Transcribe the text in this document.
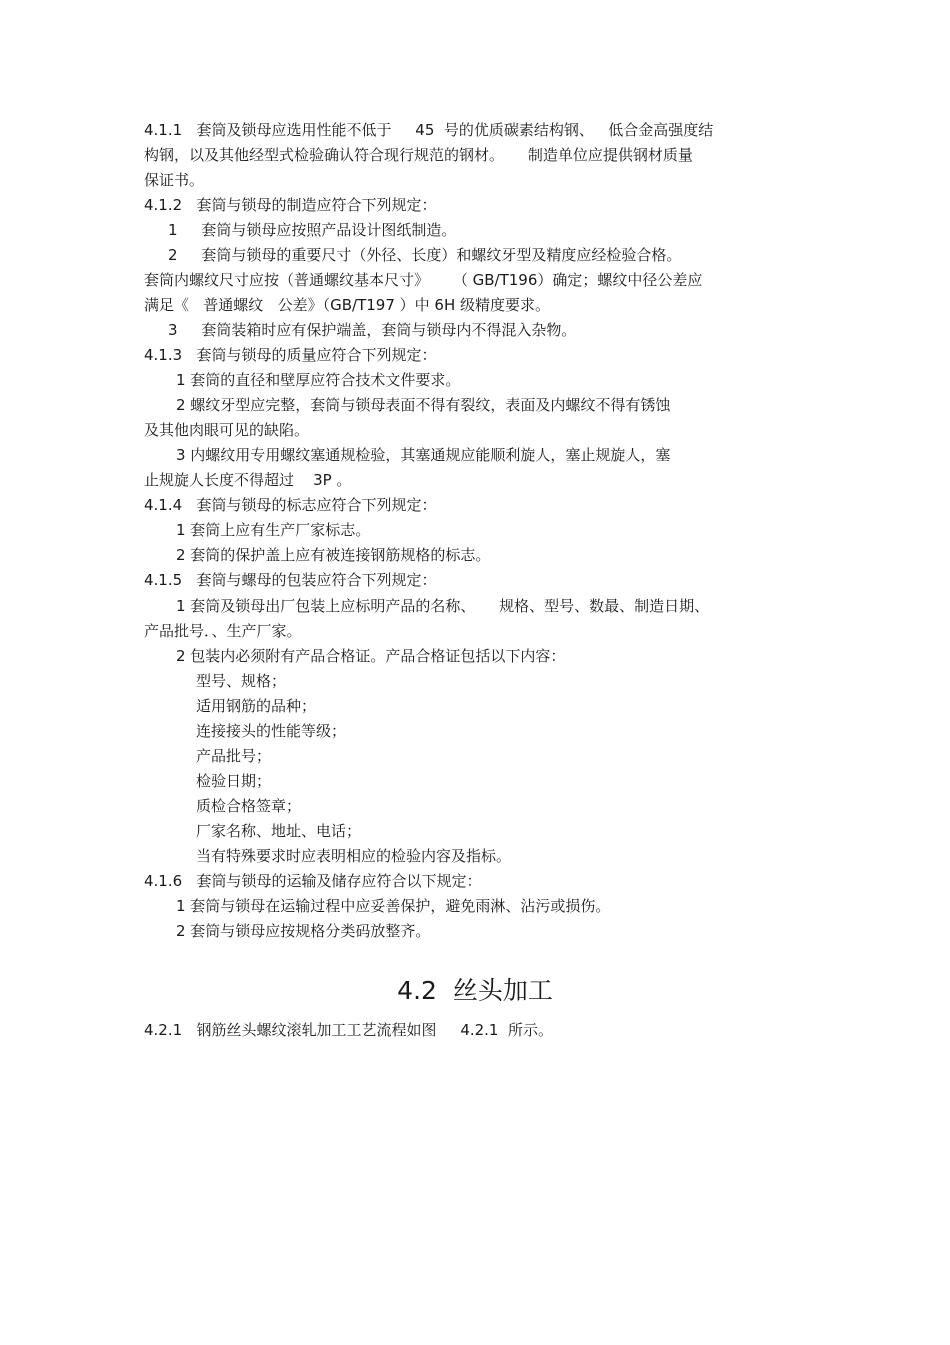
4.1.1   套筒及锁母应选用性能不低于     45  号的优质碳素结构钢、   低合金高强度结
构钢，以及其他经型式检验确认符合现行规范的钢材。     制造单位应提供钢材质量
保证书。
4.1.2   套筒与锁母的制造应符合下列规定：
1     套筒与锁母应按照产品设计图纸制造。
2     套筒与锁母的重要尺寸（外径、长度）和螺纹牙型及精度应经检验合格。
套筒内螺纹尺寸应按（普通螺纹基本尺寸》     （ GB/T196）确定；螺纹中径公差应
满足《   普通螺纹   公差》（GB/T197 ）中 6H 级精度要求。
3     套筒装箱时应有保护端盖，套筒与锁母内不得混入杂物。
4.1.3   套筒与锁母的质量应符合下列规定：
1 套筒的直径和壁厚应符合技术文件要求。
2 螺纹牙型应完整，套筒与锁母表面不得有裂纹，表面及内螺纹不得有锈蚀
及其他肉眼可见的缺陷。
3 内螺纹用专用螺纹塞通规检验，其塞通规应能顺利旋人，塞止规旋人，塞
止规旋人长度不得超过    3P 。
4.1.4   套筒与锁母的标志应符合下列规定：
1 套筒上应有生产厂家标志。
2 套筒的保护盖上应有被连接钢筋规格的标志。
4.1.5   套筒与螺母的包装应符合下列规定：
1 套筒及锁母出厂包装上应标明产品的名称、     规格、型号、数最、制造日期、
产品批号．、生产厂家。
2 包装内必须附有产品合格证。产品合格证包括以下内容：
型号、规格；
适用钢筋的品种；
连接接头的性能等级；
产品批号；
检验日期；
质检合格签章；
厂家名称、地址、电话；
当有特殊要求时应表明相应的检验内容及指标。
4.1.6   套筒与锁母的运输及储存应符合以下规定：
1 套筒与锁母在运输过程中应妥善保护，避免雨淋、沾污或损伤。
2 套筒与锁母应按规格分类码放整齐。
4.2  丝头加工
4.2.1   钢筋丝头螺纹滚轧加工工艺流程如图     4.2.1  所示。
